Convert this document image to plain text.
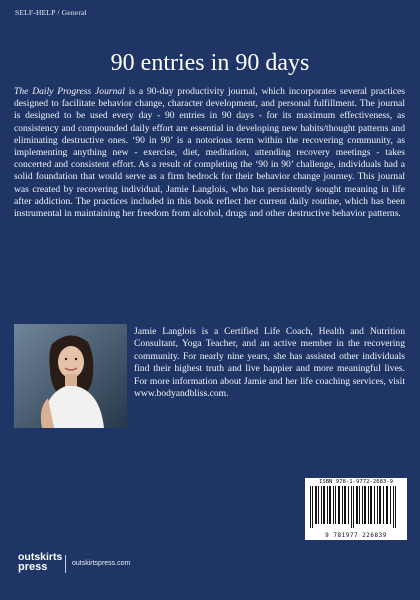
SELF-HELP / General
90 entries in 90 days

The Daily Progress Journal is a 90-day productivity journal, which incorporates several practices designed to facilitate behavior change, character development, and personal fulfillment. The journal is designed to be used every day - 90 entries in 90 days - for its maximum effectiveness, as consistency and compounded daily effort are essential in developing new habits/thought patterns and eliminating destructive ones. ‘90 in 90’ is a notorious term within the recovering community, as implementing anything new - exercise, diet, meditation, attending recovery meetings - takes concerted and consistent effort. As a result of completing the ‘90 in 90’ challenge, individuals had a solid foundation that would serve as a firm bedrock for their behavior change journey. This journal was created by recovering individual, Jamie Langlois, who has persistently sought meaning in life after addiction. The practices included in this book reflect her current daily routine, which has been instrumental in maintaining her freedom from alcohol, drugs and other destructive behavior patterns.

Jamie Langlois is a Certified Life Coach, Health and Nutrition Consultant, Yoga Teacher, and an active member in the recovering community. For nearly nine years, she has assisted other individuals find their highest truth and live happier and more meaningful lives. For more information about Jamie and her life coaching services, visit www.bodyandbliss.com.

ISBN 978-1-9772-2683-9
9 781977 226839
outskirts
press	outskirtspress.com
